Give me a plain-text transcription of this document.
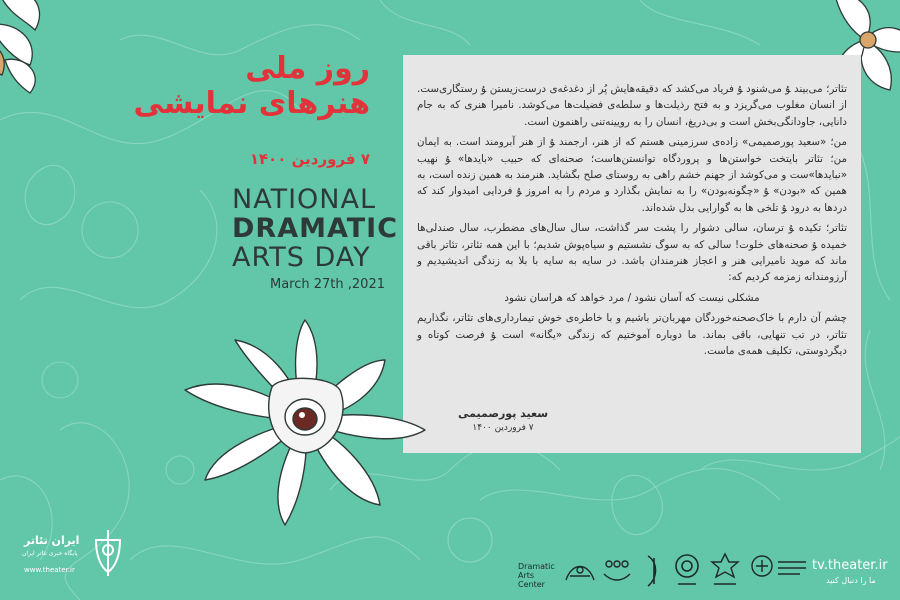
روز ملی
هنرهای نمایشی
۷ فروردین ۱۴۰۰
NATIONAL
DRAMATIC
ARTS DAY
March 27th ,2021

تئاتر؛ می‌بیند ﯘ می‌شنود ﯘ فریاد می‌کشد که دقیقه‌هایش پُر از دغدغه‌ی درست‌زیستن ﯘ رستگاری‌ست. از انسان مغلوب می‌گریزد و به فتح رذیلت‌ها و سلطه‌ی فضیلت‌ها می‌کوشد. نامیرا هنری که به جام دانایی، جاودانگی‌بخش است و بی‌دریغ، انسان را به رویینه‌تنی راهنمون است.

من؛ «سعید پورصمیمی» زاده‌ی سرزمینی هستم که از هنر، ارجمند ﯘ از هنر آبرومند است. به ایمان من؛ تئاتر بایتخت خواستن‌ها و پروردگاه توانستن‌هاست؛ صحنه‌ای که حبیب «بایدها» ﯘ نهیب «نبایدها»ست و می‌کوشد از جهنم خشم راهی به روستای صلح بگشاید. هنرمند به همین زنده است، به همین که «بودن» ﯘ «چگونه‌بودن» را به نمایش بگذارد و مردم را به امروز ﯘ فردایی امیدوار کند که دردها به درود ﯘ تلخی ها به گوارایی بدل شده‌اند.

تئاتر؛ تکیده ﯘ ترسان، سالی دشوار را پشت سر گذاشت، سال سال‌های مضطرب، سال صندلی‌ها خمیده ﯘ صحنه‌های خلوت! سالی که به سوگ نشستیم و سیاه‌پوش شدیم؛ با این همه تئاتر، تئاتر باقی ماند که موید نامیرایی هنر و اعجاز هنرمندان باشد. در سایه به سایه با بلا به زندگی اندیشیدیم و آرزومندانه زمزمه کردیم که:

مشکلی نیست که آسان نشود / مرد خواهد که هراسان نشود

چشم آن دارم با خاک‌صحنه‌خوردگان مهربان‌تر باشیم و با خاطره‌ی خوش تیمارداری‌های تئاتر، نگذاریم تئاتر، در تب تنهایی، باقی بماند. ما دوباره آموختیم که زندگی «یگانه» است ﯘ فرصت کوتاه و دیگردوستی، تکلیف همه‌ی ماست.

سعید پورصمیمی
۷ فروردین ۱۴۰۰
ایران تئاتر
پایگاه خبری تئاتر ایران
www.theater.ir	Dramatic Arts Center
tv.theater.ir
ما را دنبال کنید
